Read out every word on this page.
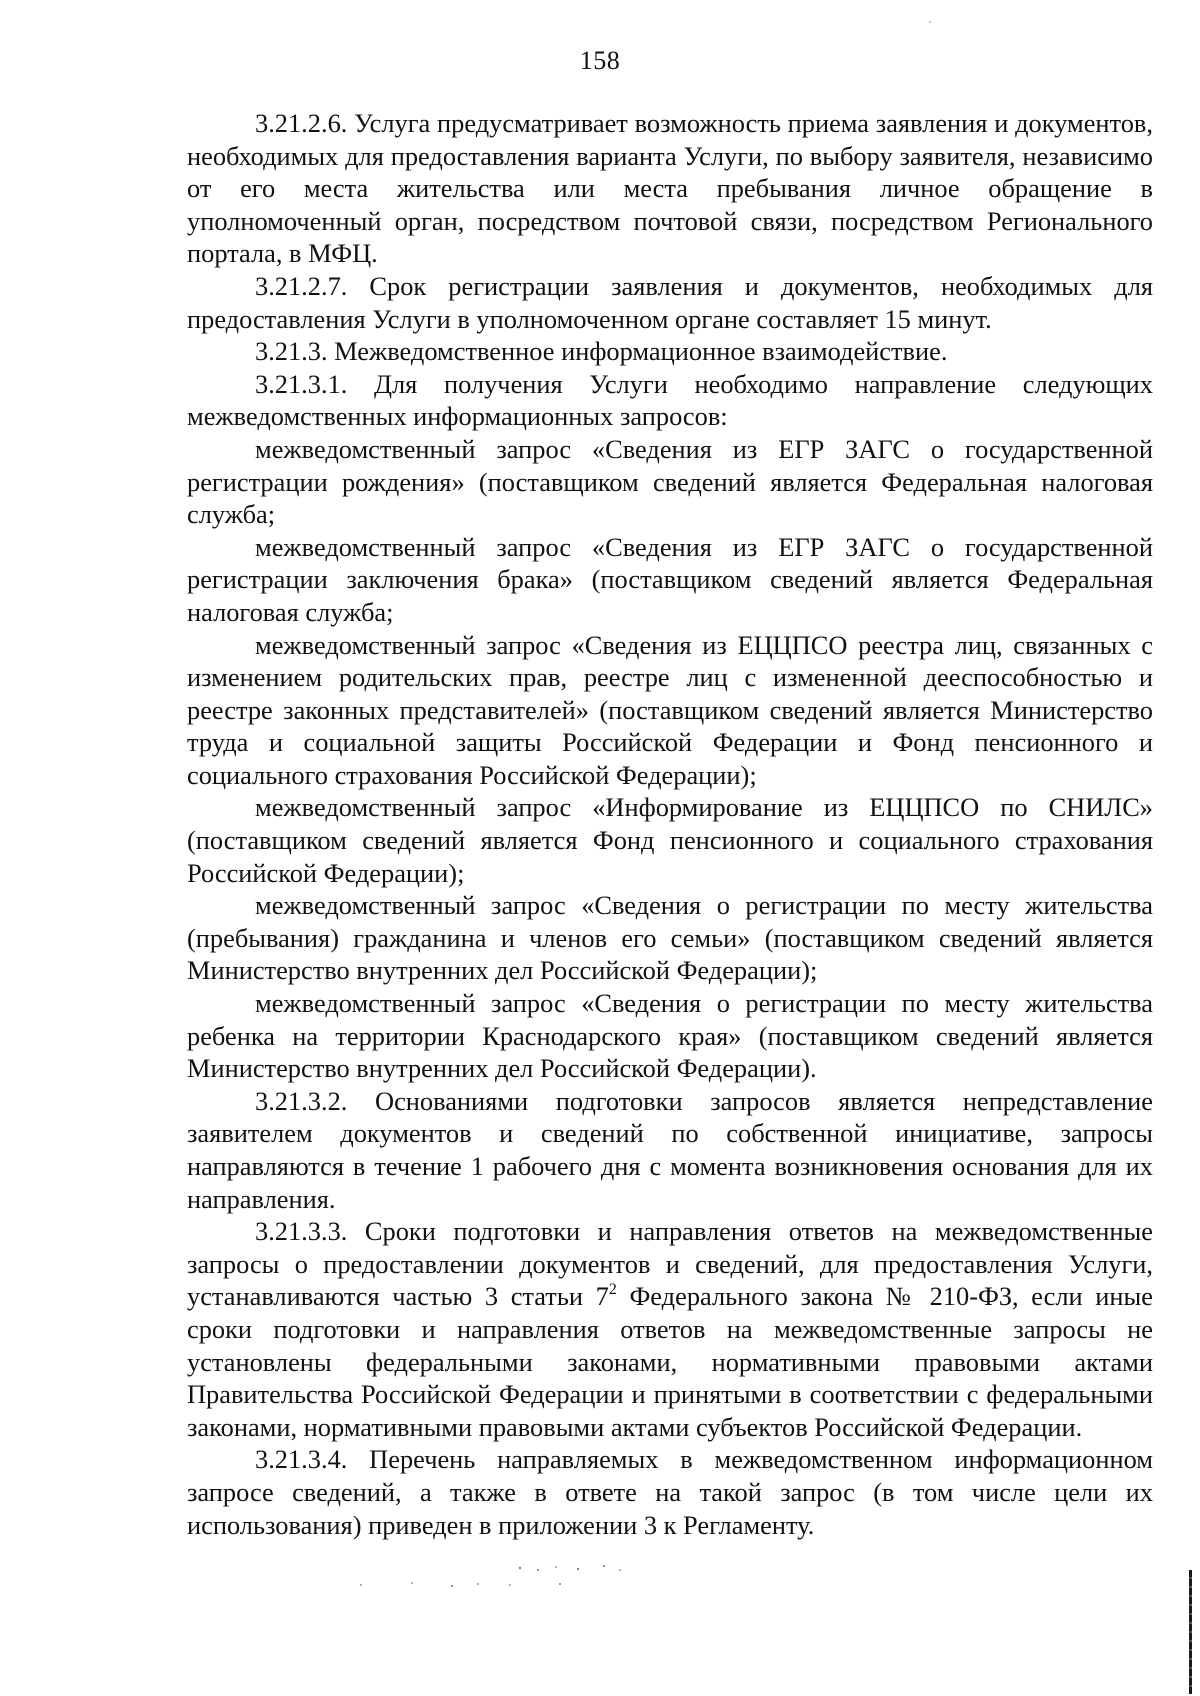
158

3.21.2.6. Услуга предусматривает возможность приема заявления и документов, необходимых для предоставления варианта Услуги, по выбору заявителя, независимо от его места жительства или места пребывания личное обращение в уполномоченный орган, посредством почтовой связи, посредством Регионального портала, в МФЦ.

3.21.2.7. Срок регистрации заявления и документов, необходимых для предоставления Услуги в уполномоченном органе составляет 15 минут.

3.21.3. Межведомственное информационное взаимодействие.

3.21.3.1. Для получения Услуги необходимо направление следующих межведомственных информационных запросов:

межведомственный запрос «Сведения из ЕГР ЗАГС о государственной регистрации рождения» (поставщиком сведений является Федеральная налоговая служба;

межведомственный запрос «Сведения из ЕГР ЗАГС о государственной регистрации заключения брака» (поставщиком сведений является Федеральная налоговая служба;

межведомственный запрос «Сведения из ЕЦЦПСО реестра лиц, связанных с изменением родительских прав, реестре лиц с измененной дееспособностью и реестре законных представителей» (поставщиком сведений является Министерство труда и социальной защиты Российской Федерации и Фонд пенсионного и социального страхования Российской Федерации);

межведомственный запрос «Информирование из ЕЦЦПСО по СНИЛС» (поставщиком сведений является Фонд пенсионного и социального страхования Российской Федерации);

межведомственный запрос «Сведения о регистрации по месту жительства (пребывания) гражданина и членов его семьи» (поставщиком сведений является Министерство внутренних дел Российской Федерации);

межведомственный запрос «Сведения о регистрации по месту жительства ребенка на территории Краснодарского края» (поставщиком сведений является Министерство внутренних дел Российской Федерации).

3.21.3.2. Основаниями подготовки запросов является непредставление заявителем документов и сведений по собственной инициативе, запросы направляются в течение 1 рабочего дня с момента возникновения основания для их направления.

3.21.3.3. Сроки подготовки и направления ответов на межведомственные запросы о предоставлении документов и сведений, для предоставления Услуги, устанавливаются частью 3 статьи $7^2$ Федерального закона № 210-ФЗ, если иные сроки подготовки и направления ответов на межведомственные запросы не установлены федеральными законами, нормативными правовыми актами Правительства Российской Федерации и принятыми в соответствии с федеральными законами, нормативными правовыми актами субъектов Российской Федерации.

3.21.3.4. Перечень направляемых в межведомственном информационном запросе сведений, а также в ответе на такой запрос (в том числе цели их использования) приведен в приложении 3 к Регламенту.
